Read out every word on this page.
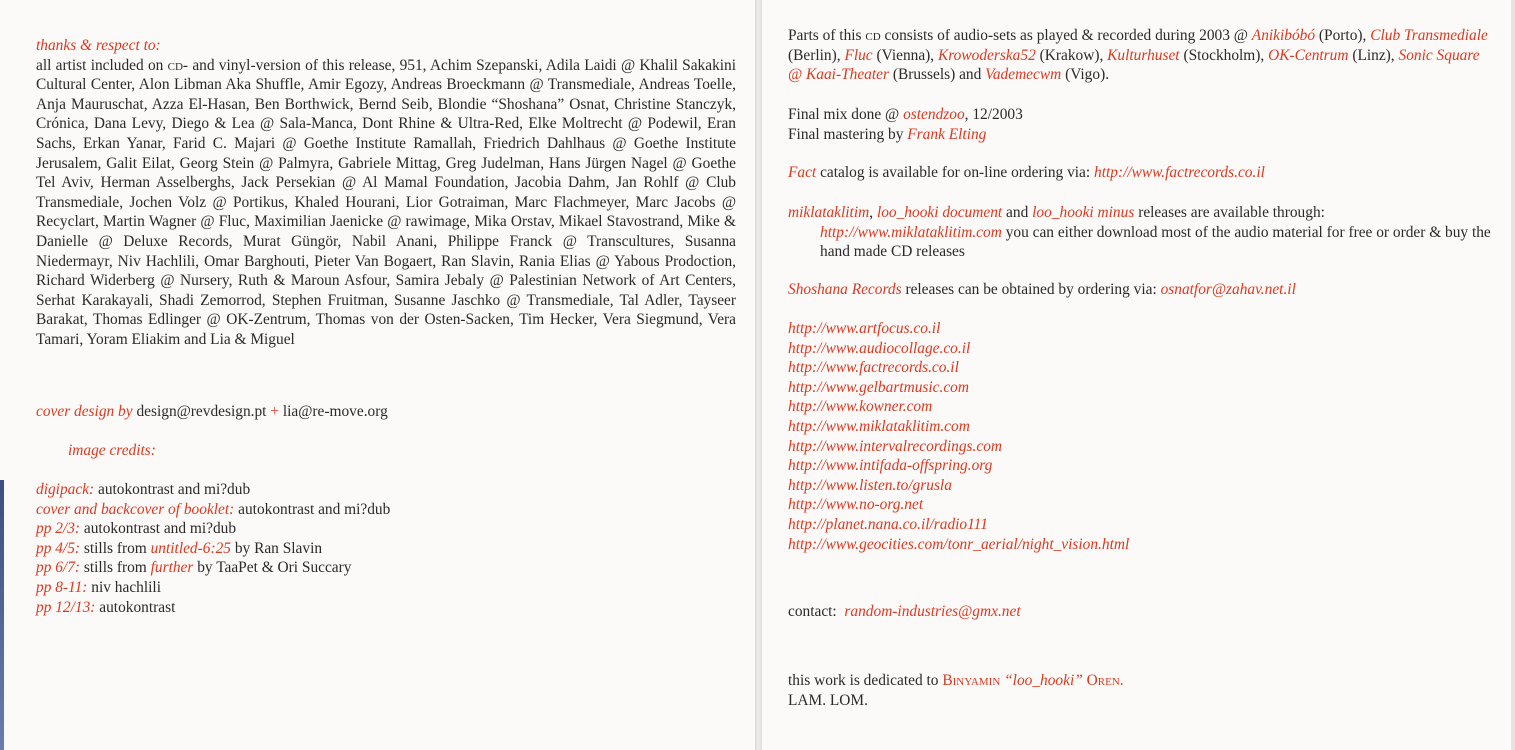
thanks & respect to:

all artist included on cd- and vinyl-version of this release, 951, Achim Szepanski, Adila Laidi @ Khalil Sakakini Cultural Center, Alon Libman Aka Shuffle, Amir Egozy, Andreas Broeckmann @ Transmediale, Andreas Toelle, Anja Mauruschat, Azza El-Hasan, Ben Borthwick, Bernd Seib, Blondie “Shoshana” Osnat, Christine Stanczyk, Crónica, Dana Levy, Diego & Lea @ Sala-Manca, Dont Rhine & Ultra-Red, Elke Moltrecht @ Podewil, Eran Sachs, Erkan Yanar, Farid C. Majari @ Goethe Institute Ramallah, Friedrich Dahlhaus @ Goethe Institute Jerusalem, Galit Eilat, Georg Stein @ Palmyra, Gabriele Mittag, Greg Judelman, Hans Jürgen Nagel @ Goethe Tel Aviv, Herman Asselberghs, Jack Persekian @ Al Mamal Foundation, Jacobia Dahm, Jan Rohlf @ Club Transmediale, Jochen Volz @ Portikus, Khaled Hourani, Lior Gotraiman, Marc Flachmeyer, Marc Jacobs @ Recyclart, Martin Wagner @ Fluc, Maximilian Jaenicke @ rawimage, Mika Orstav, Mikael Stavostrand, Mike & Danielle @ Deluxe Records, Murat Güngör, Nabil Anani, Philippe Franck @ Transcultures, Susanna Niedermayr, Niv Hachlili, Omar Barghouti, Pieter Van Bogaert, Ran Slavin, Rania Elias @ Yabous Prodoction, Richard Widerberg @ Nursery, Ruth & Maroun Asfour, Samira Jebaly @ Palestinian Network of Art Centers, Serhat Karakayali, Shadi Zemorrod, Stephen Fruitman, Susanne Jaschko @ Transmediale, Tal Adler, Tayseer Barakat, Thomas Edlinger @ OK-Zentrum, Thomas von der Osten-Sacken, Tim Hecker, Vera Siegmund, Vera Tamari, Yoram Eliakim and Lia & Miguel

cover design by design@revdesign.pt + lia@re-move.org
image credits:

digipack: autokontrast and mi?dub

cover and backcover of booklet: autokontrast and mi?dub

pp 2/3: autokontrast and mi?dub

pp 4/5: stills from untitled-6:25 by Ran Slavin

pp 6/7: stills from further by TaaPet & Ori Succary

pp 8-11: niv hachlili

pp 12/13: autokontrast

Parts of this cd consists of audio-sets as played & recorded during 2003 @ Anikibóbó (Porto), Club Transmediale (Berlin), Fluc (Vienna), Krowoderska52 (Krakow), Kulturhuset (Stockholm), OK-Centrum (Linz), Sonic Square @ Kaai-Theater (Brussels) and Vademecwm (Vigo).

Final mix done @ ostendzoo, 12/2003

Final mastering by Frank Elting

Fact catalog is available for on-line ordering via: http://www.factrecords.co.il

miklataklitim, loo_hooki document and loo_hooki minus releases are available through:

http://www.miklataklitim.com you can either download most of the audio material for free or order & buy the hand made CD releases

Shoshana Records releases can be obtained by ordering via: osnatfor@zahav.net.il

http://www.artfocus.co.il

http://www.audiocollage.co.il

http://www.factrecords.co.il

http://www.gelbartmusic.com

http://www.kowner.com

http://www.miklataklitim.com

http://www.intervalrecordings.com

http://www.intifada-offspring.org

http://www.listen.to/grusla

http://www.no-org.net

http://planet.nana.co.il/radio111

http://www.geocities.com/tonr_aerial/night_vision.html

contact: random-industries@gmx.net

this work is dedicated to Binyamin “loo_hooki” Oren.

LAM. LOM.
